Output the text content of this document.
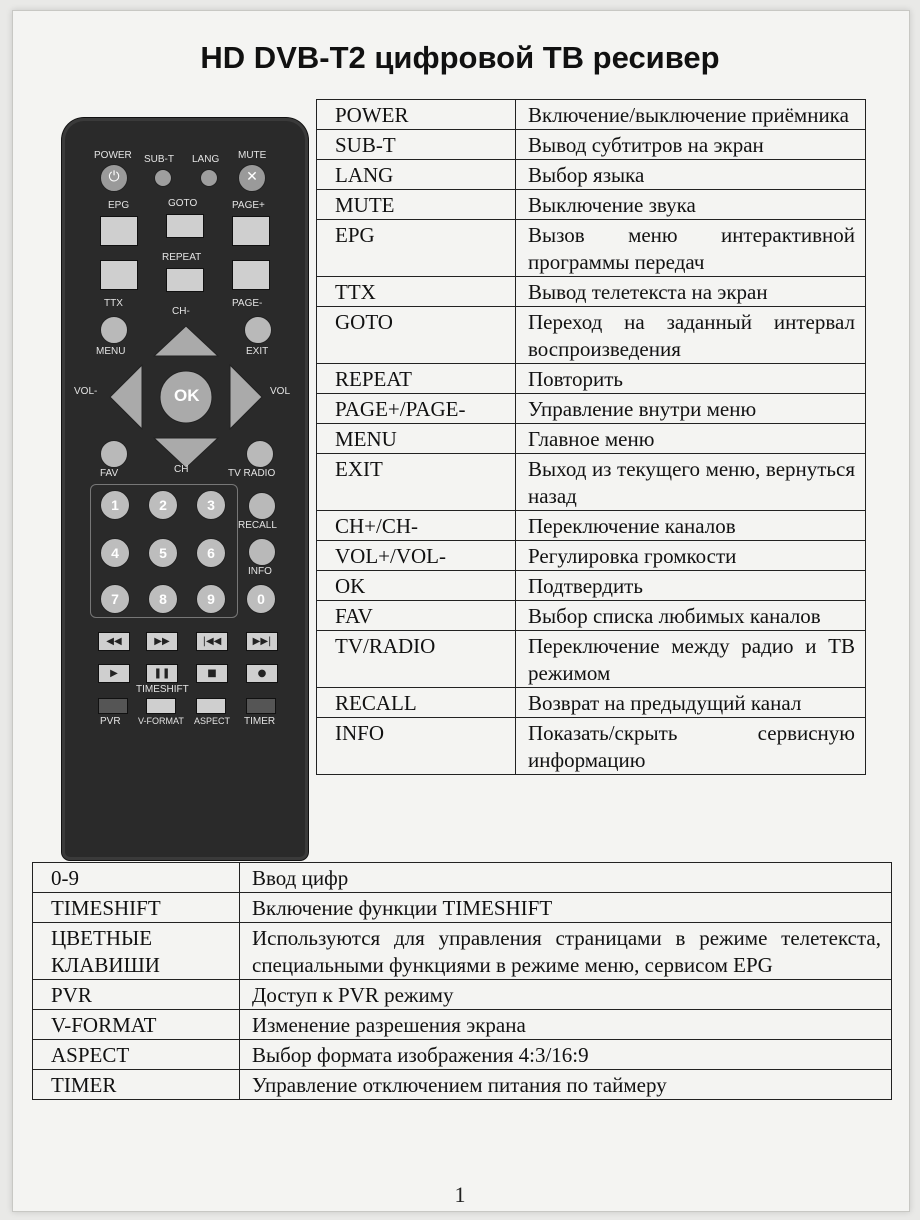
HD DVB-T2 цифровой ТВ ресивер
POWER SUB-T LANG MUTE
⏻	✕
EPG	GOTO	PAGE+
REPEAT
TTX
CH-
PAGE-
MENU	EXIT
OK
VOL-	VOL
FAV	CH	TV RADIO
1	2	3
4	5	6
7	8	9	0
RECALL
INFO
◀◀	▶▶	|◀◀	▶▶|
▶	❚❚	■	●
TIMESHIFT
PVR V-FORMAT ASPECT TIMER
POWER	Включение/выключение приёмника
SUB-T	Вывод субтитров на экран
LANG	Выбор языка
MUTE	Выключение звука
EPG	Вызов меню интерактивной программы передач
TTX	Вывод телетекста на экран
GOTO	Переход на заданный интервал воспроизведения
REPEAT	Повторить
PAGE+/PAGE-	Управление внутри меню
MENU	Главное меню
EXIT	Выход из текущего меню, вернуться назад
CH+/CH-	Переключение каналов
VOL+/VOL-	Регулировка громкости
OK	Подтвердить
FAV	Выбор списка любимых каналов
TV/RADIO	Переключение между радио и ТВ режимом
RECALL	Возврат на предыдущий канал
INFO	Показать/скрыть сервисную информацию
0-9	Ввод цифр
TIMESHIFT	Включение функции TIMESHIFT
ЦВЕТНЫЕ КЛАВИШИ	Используются для управления страницами в режиме телетекста, специальными функциями в режиме меню, сервисом EPG
PVR	Доступ к PVR режиму
V-FORMAT	Изменение разрешения экрана
ASPECT	Выбор формата изображения 4:3/16:9
TIMER	Управление отключением питания по таймеру
1
